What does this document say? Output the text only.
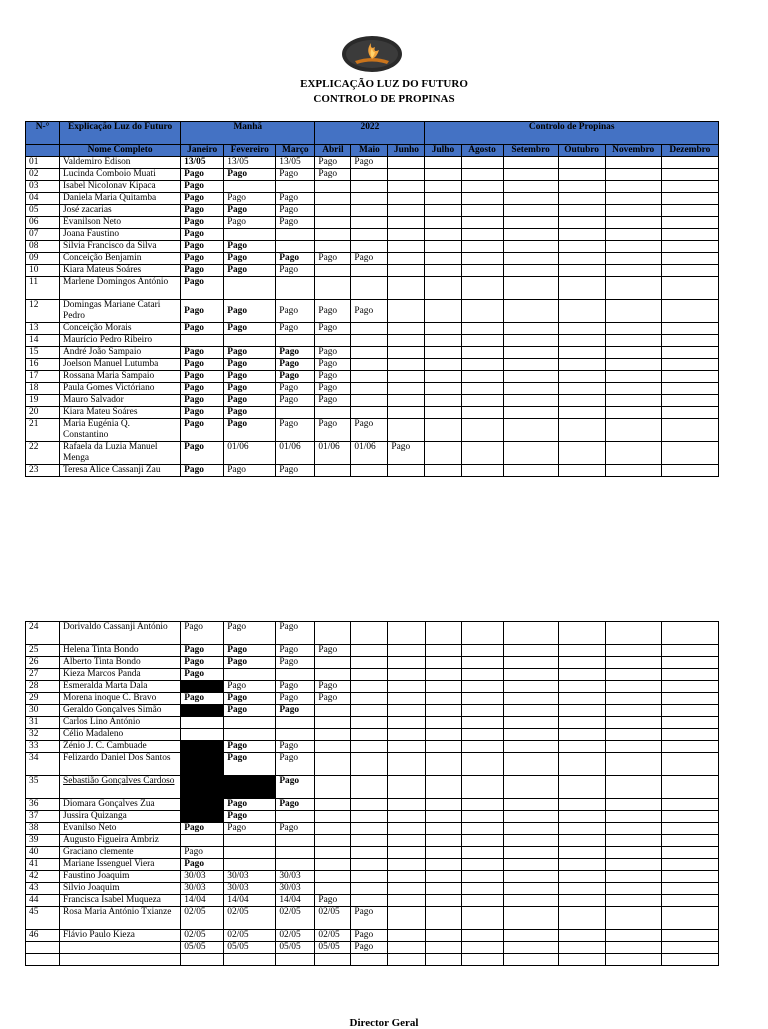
EXPLICAÇÃO LUZ DO FUTURO
CONTROLO DE PROPINAS
N-°	Explicação Luz do Futuro	Manhã			2022			Controlo de Propinas					
	Nome Completo	Janeiro	Fevereiro	Março	Abril	Maio	Junho	Julho	Agosto	Setembro	Outubro	Novembro	Dezembro
01	Valdemiro Edison	13/05	13/05	13/05	Pago	Pago							
02	Lucinda Comboio Muati	Pago	Pago	Pago	Pago								
03	Isabel Nicolonav Kipaca	Pago											
04	Daniela Maria Quitamba	Pago	Pago	Pago									
05	José zacarias	Pago	Pago	Pago									
06	Evanilson Neto	Pago	Pago	Pago									
07	Joana Faustino	Pago											
08	Silvia Francisco da Silva	Pago	Pago										
09	Conceição Benjamin	Pago	Pago	Pago	Pago	Pago							
10	Kiara Mateus Soáres	Pago	Pago	Pago									
11	Marlene Domingos António	Pago											
12	Domingas Mariane Catari Pedro	Pago	Pago	Pago	Pago	Pago							
13	Conceição Morais	Pago	Pago	Pago	Pago								
14	Maurício Pedro Ribeiro												
15	André João Sampaio	Pago	Pago	Pago	Pago								
16	Joelson Manuel Lutumba	Pago	Pago	Pago	Pago								
17	Rossana Maria Sampaio	Pago	Pago	Pago	Pago								
18	Paula Gomes Victóriano	Pago	Pago	Pago	Pago								
19	Mauro Salvador	Pago	Pago	Pago	Pago								
20	Kiara Mateu Soáres	Pago	Pago										
21	Maria Eugénia Q. Constantino	Pago	Pago	Pago	Pago	Pago							
22	Rafaela da Luzia Manuel Menga	Pago	01/06	01/06	01/06	01/06	Pago						
23	Teresa Alice Cassanji Zau	Pago	Pago	Pago									
24	Dorivaldo Cassanji António	Pago	Pago	Pago									
25	Helena Tinta Bondo	Pago	Pago	Pago	Pago								
26	Alberto Tinta Bondo	Pago	Pago	Pago									
27	Kieza Marcos Panda	Pago											
28	Esmeralda Marta Dala		Pago	Pago	Pago								
29	Morena inoque C. Bravo	Pago	Pago	Pago	Pago								
30	Geraldo Gonçalves Simão		Pago	Pago									
31	Carlos Lino António												
32	Célio Madaleno												
33	Zénio J. C. Cambuade		Pago	Pago									
34	Felizardo Daniel Dos Santos		Pago	Pago									
35	Sebastião Gonçalves Cardoso			Pago									
36	Diomara Gonçalves Zua		Pago	Pago									
37	Jussira Quizanga		Pago										
38	Evanilso Neto	Pago	Pago	Pago									
39	Augusto Figueira Ambriz												
40	Graciano clemente	Pago											
41	Mariane Issenguel Viera	Pago											
42	Faustino Joaquim	30/03	30/03	30/03									
43	Silvio Joaquim	30/03	30/03	30/03									
44	Francisca Isabel Muqueza	14/04	14/04	14/04	Pago								
45	Rosa Maria António Txianze	02/05	02/05	02/05	02/05	Pago							
46	Flávio Paulo Kieza	02/05	02/05	02/05	02/05	Pago							
		05/05	05/05	05/05	05/05	Pago							

Director Geral
